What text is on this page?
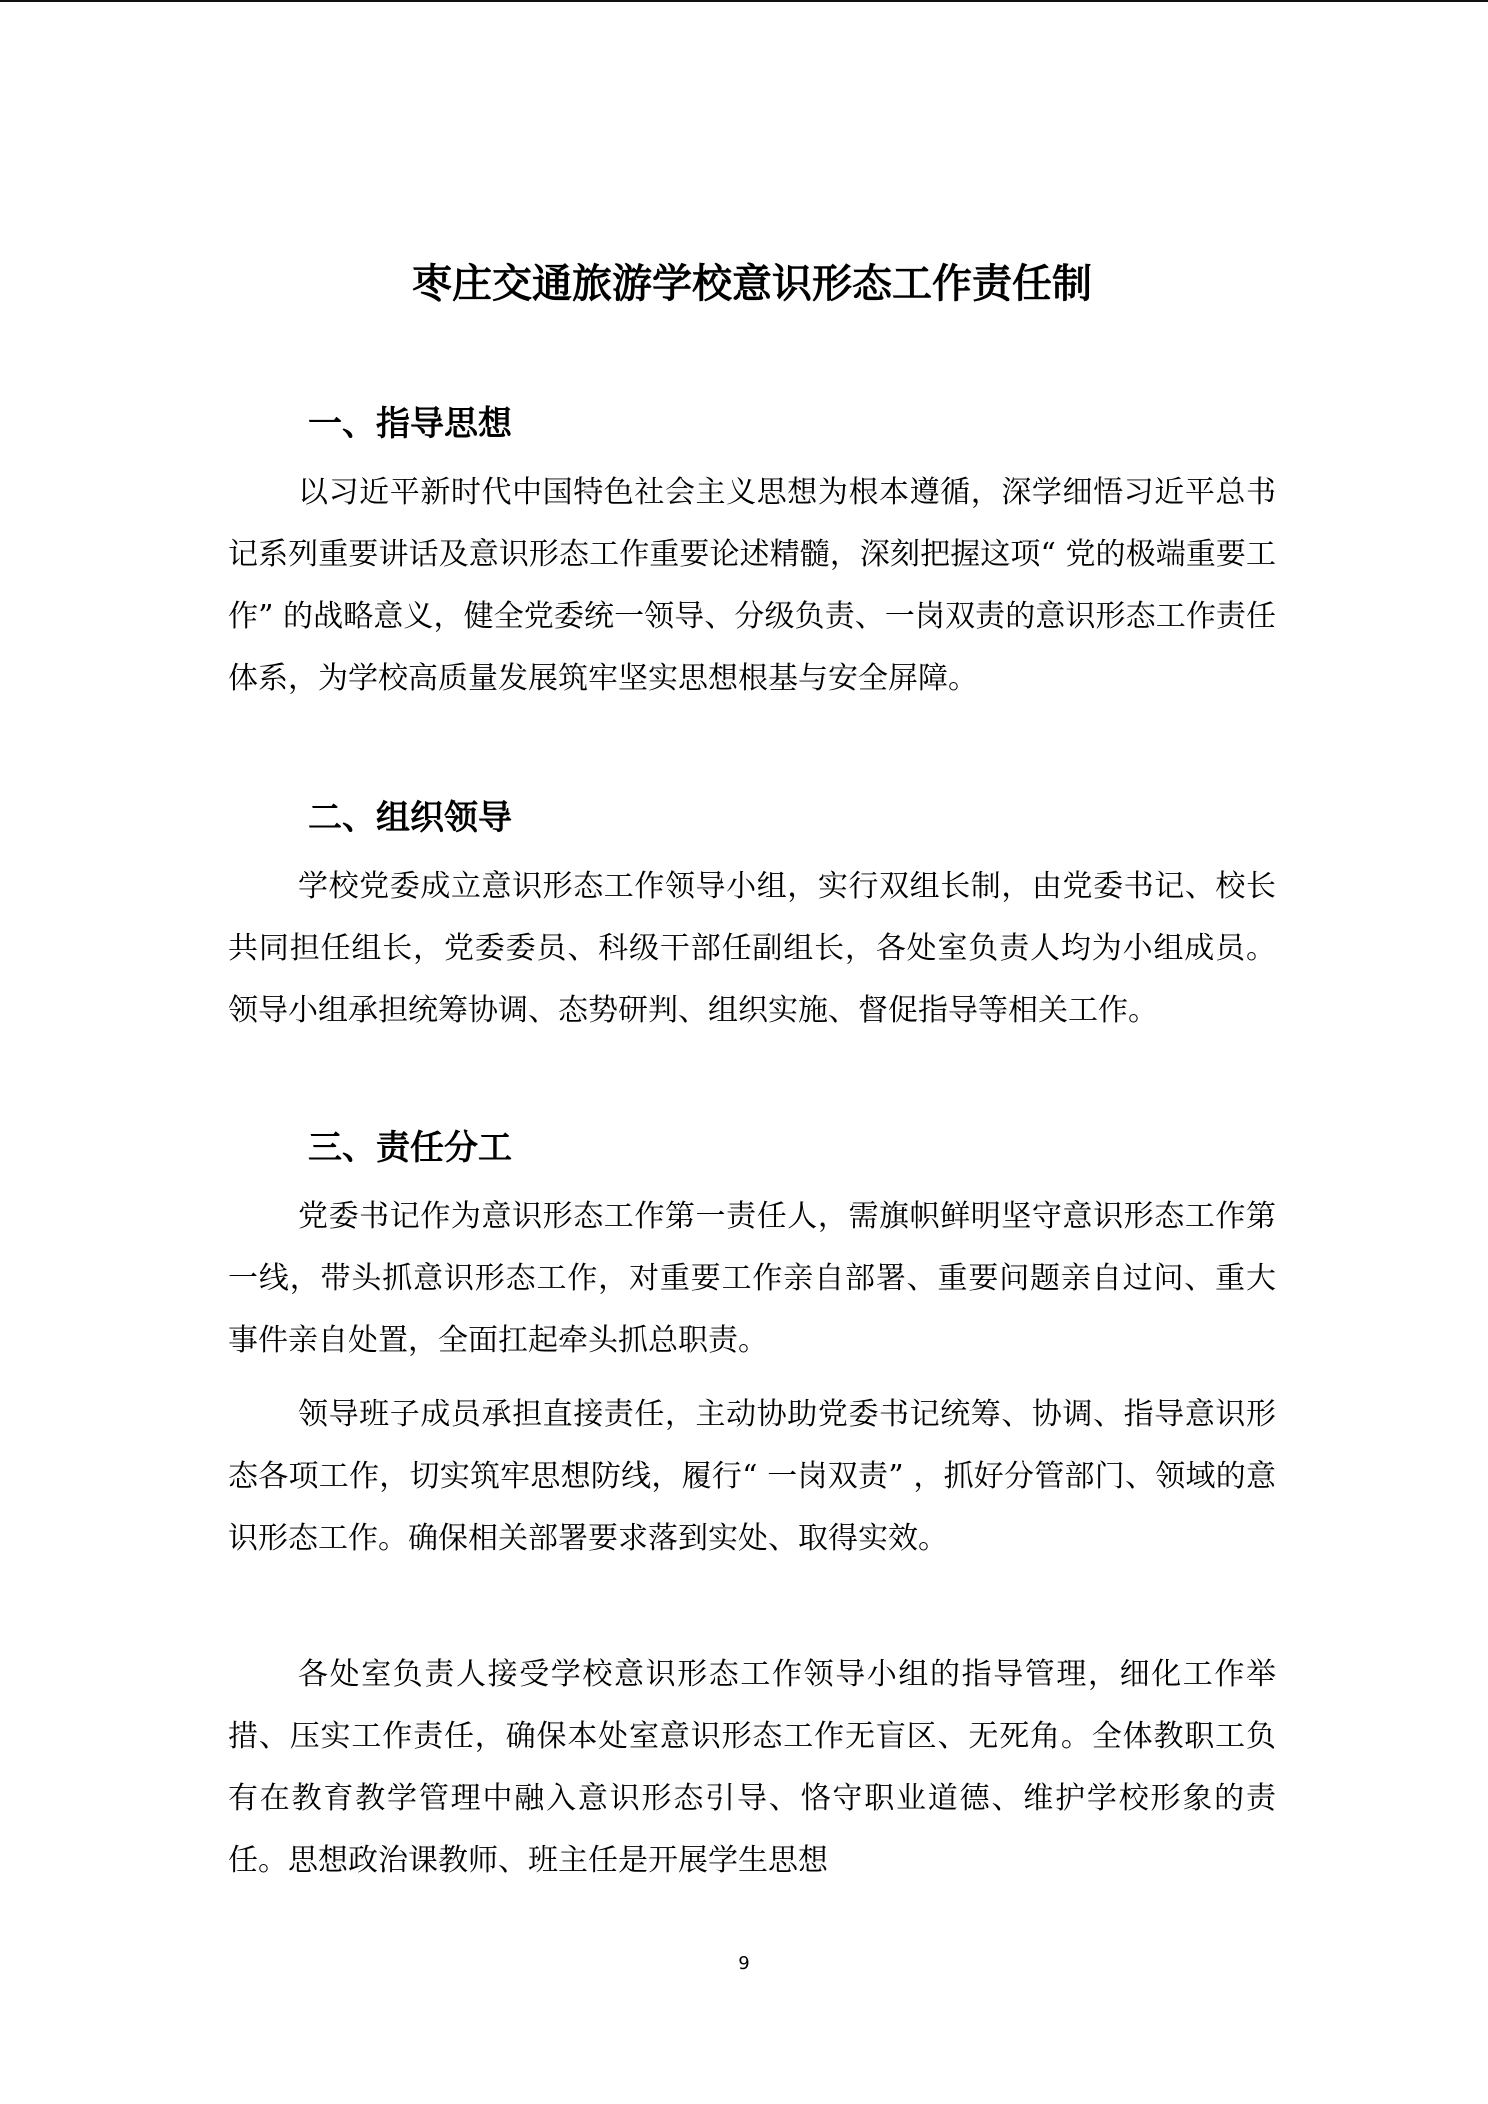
枣庄交通旅游学校意识形态工作责任制
一、指导思想

以习近平新时代中国特色社会主义思想为根本遵循，深学细悟习近平总书记系列重要讲话及意识形态工作重要论述精髓，深刻把握这项“ 党的极端重要工作” 的战略意义，健全党委统一领导、分级负责、一岗双责的意识形态工作责任体系，为学校高质量发展筑牢坚实思想根基与安全屏障。

二、组织领导

学校党委成立意识形态工作领导小组，实行双组长制，由党委书记、校长共同担任组长，党委委员、科级干部任副组长，各处室负责人均为小组成员。领导小组承担统筹协调、态势研判、组织实施、督促指导等相关工作。

三、责任分工

党委书记作为意识形态工作第一责任人，需旗帜鲜明坚守意识形态工作第一线，带头抓意识形态工作，对重要工作亲自部署、重要问题亲自过问、重大事件亲自处置，全面扛起牵头抓总职责。

领导班子成员承担直接责任，主动协助党委书记统筹、协调、指导意识形态各项工作，切实筑牢思想防线，履行“ 一岗双责” ，抓好分管部门、领域的意识形态工作。确保相关部署要求落到实处、取得实效。

各处室负责人接受学校意识形态工作领导小组的指导管理，细化工作举措、压实工作责任，确保本处室意识形态工作无盲区、无死角。全体教职工负有在教育教学管理中融入意识形态引导、恪守职业道德、维护学校形象的责任。思想政治课教师、班主任是开展学生思想

9
